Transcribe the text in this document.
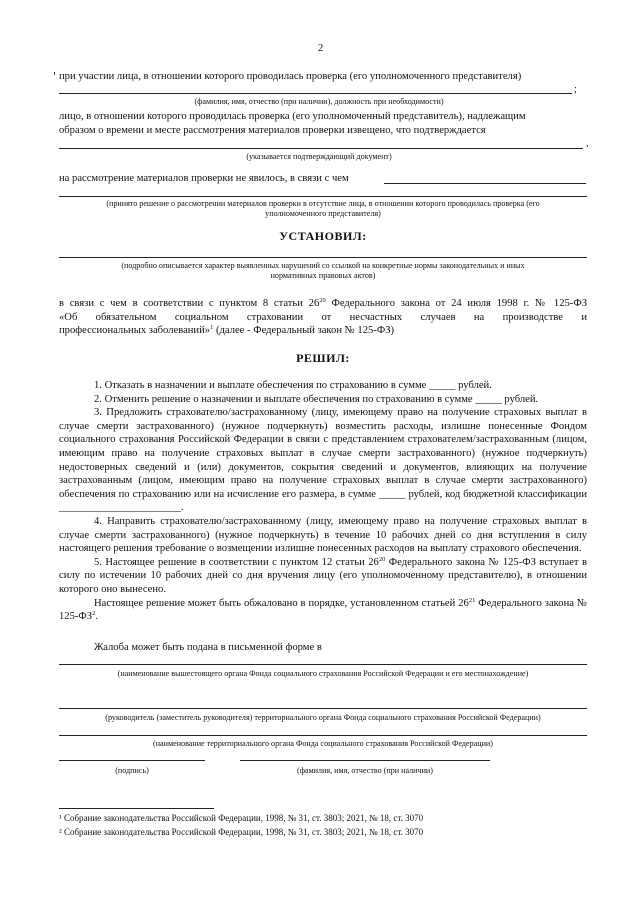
2
при участии лица, в отношении которого проводилась проверка (его уполномоченного представителя)
;
(фамилия, имя, отчество (при наличии), должность при необходимости)
лицо, в отношении которого проводилась проверка (его уполномоченный представитель), надлежащим
образом о времени и месте рассмотрения материалов проверки извещено, что подтверждается
,
(указывается подтверждающий документ)
на рассмотрение материалов проверки не явилось, в связи с чем
(принято решение о рассмотрении материалов проверки в отсутствие лица, в отношении которого проводилась проверка (его
уполномоченного представителя)
УСТАНОВИЛ:
(подробно описывается характер выявленных нарушений со ссылкой на конкретные нормы законодательных и иных
нормативных правовых актов)

в связи с чем в соответствии с пунктом 8 статьи $26^{20}$ Федерального закона от 24 июля 1998 г. № 125-ФЗ

«Об обязательном социальном страховании от несчастных случаев на производстве и

профессиональных заболеваний»$^1$ (далее - Федеральный закон № 125-ФЗ)

РЕШИЛ:

1. Отказать в назначении и выплате обеспечения по страхованию в сумме _____ рублей.

2. Отменить решение о назначении и выплате обеспечения по страхованию в сумме _____ рублей.

3. Предложить страхователю/застрахованному (лицу, имеющему право на получение страховых выплат в случае смерти застрахованного) (нужное подчеркнуть) возместить расходы, излишне понесенные Фондом социального страхования Российской Федерации в связи с представлением страхователем/застрахованным (лицом, имеющим право на получение страховых выплат в случае смерти застрахованного) (нужное подчеркнуть) недостоверных сведений и (или) документов, сокрытия сведений и документов, влияющих на получение застрахованным (лицом, имеющим право на получение страховых выплат в случае смерти застрахованного) обеспечения по страхованию или на исчисление его размера, в сумме _____ рублей, код бюджетной классификации _______________________.

4. Направить страхователю/застрахованному (лицу, имеющему право на получение страховых выплат в случае смерти застрахованного) (нужное подчеркнуть) в течение 10 рабочих дней со дня вступления в силу настоящего решения требование о возмещении излишне понесенных расходов на выплату страхового обеспечения.

5. Настоящее решение в соответствии с пунктом 12 статьи $26^{20}$ Федерального закона № 125-ФЗ вступает в силу по истечении 10 рабочих дней со дня вручения лицу (его уполномоченному представителю), в отношении которого оно вынесено.

Настоящее решение может быть обжаловано в порядке, установленном статьей $26^{21}$ Федерального закона № $125-ФЗ^2$.

Жалоба может быть подана в письменной форме в
(наименование вышестоящего органа Фонда социального страхования Российской Федерации и его местонахождение)
(руководитель (заместитель руководителя) территориального органа Фонда социального страхования Российской Федерации)
(наименование территориального органа Фонда социального страхования Российской Федерации)
(подпись)	(фамилия, имя, отчество (при наличии)
¹ Собрание законодательства Российской Федерации, 1998, № 31, ст. 3803; 2021, № 18, ст. 3070
² Собрание законодательства Российской Федерации, 1998, № 31, ст. 3803; 2021, № 18, ст. 3070
